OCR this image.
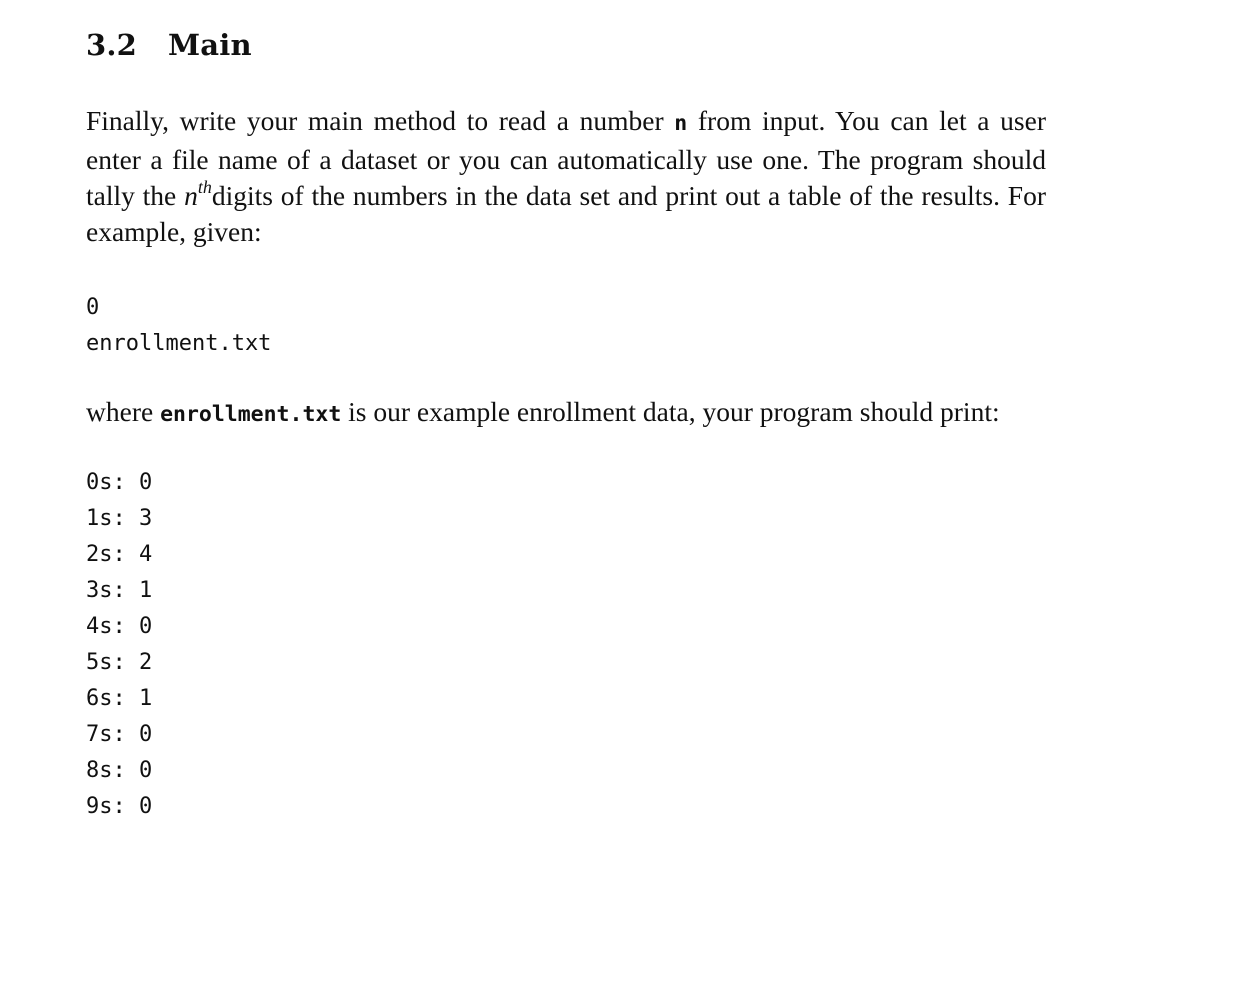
3.2 Main

Finally, write your main method to read a number n from input. You can let a user enter a file name of a dataset or you can automatically use one. The program should tally the $n^{th}digits$ of the numbers in the data set and print out a table of the results. For example, given:

0
enrollment.txt

where enrollment.txt is our example enrollment data, your program should print:

0s: 0
1s: 3
2s: 4
3s: 1
4s: 0
5s: 2
6s: 1
7s: 0
8s: 0
9s: 0
